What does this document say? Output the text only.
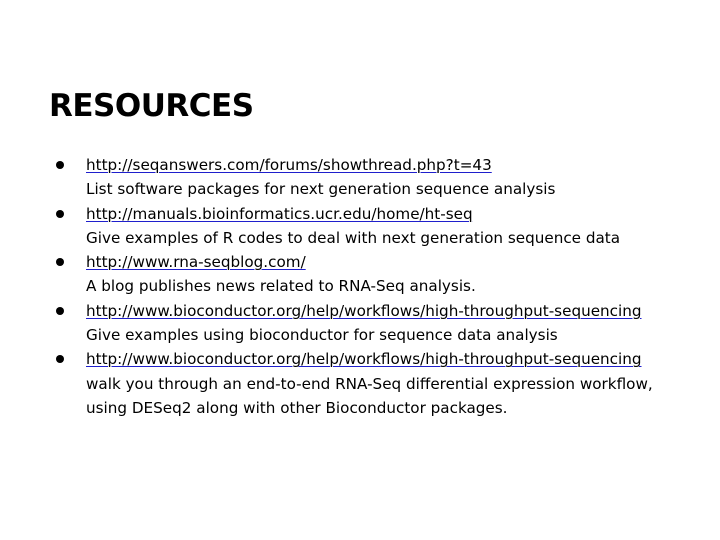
RESOURCES
http://seqanswers.com/forums/showthread.php?t=43
List software packages for next generation sequence analysis
http://manuals.bioinformatics.ucr.edu/home/ht-seq
Give examples of R codes to deal with next generation sequence data
http://www.rna-seqblog.com/
A blog publishes news related to RNA-Seq analysis.
http://www.bioconductor.org/help/workflows/high-throughput-sequencing
Give examples using bioconductor for sequence data analysis
http://www.bioconductor.org/help/workflows/high-throughput-sequencing
walk you through an end-to-end RNA-Seq differential expression workflow, using DESeq2 along with other Bioconductor packages.
